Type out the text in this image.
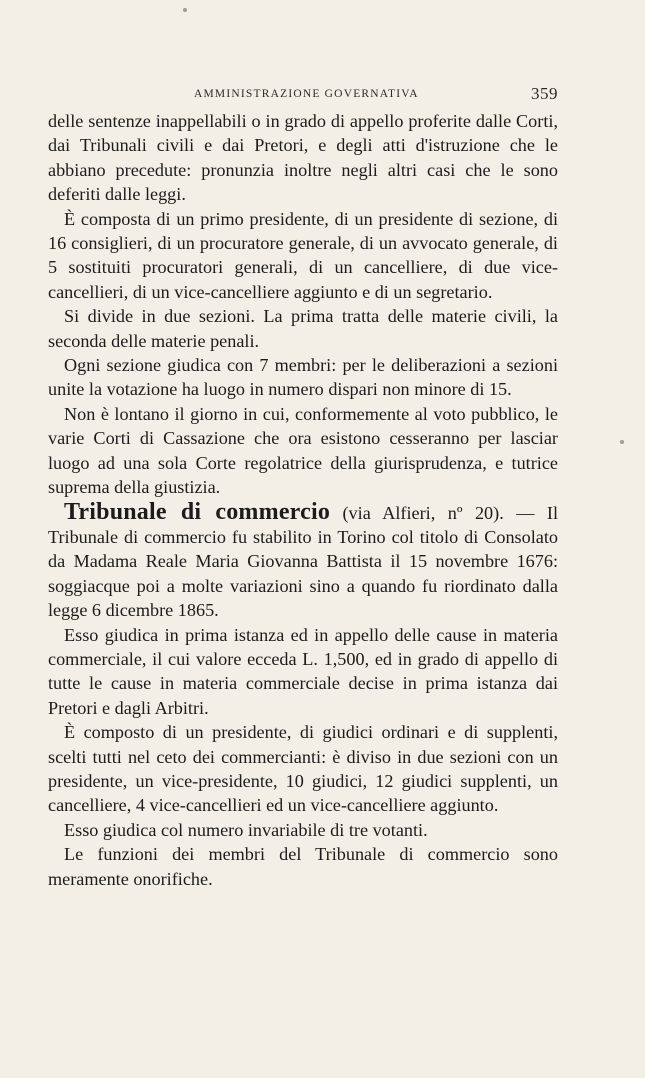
AMMINISTRAZIONE GOVERNATIVA	359

delle sentenze inappellabili o in grado di appello proferite dalle Corti, dai Tribunali civili e dai Pretori, e degli atti d'istruzione che le abbiano precedute: pronunzia inoltre negli altri casi che le sono deferiti dalle leggi.

È composta di un primo presidente, di un presidente di sezione, di 16 consiglieri, di un procuratore generale, di un avvocato generale, di 5 sostituiti procuratori generali, di un cancelliere, di due vice-cancellieri, di un vice-cancelliere aggiunto e di un segretario.

Si divide in due sezioni. La prima tratta delle materie civili, la seconda delle materie penali.

Ogni sezione giudica con 7 membri: per le deliberazioni a sezioni unite la votazione ha luogo in numero dispari non minore di 15.

Non è lontano il giorno in cui, conformemente al voto pubblico, le varie Corti di Cassazione che ora esistono cesseranno per lasciar luogo ad una sola Corte regolatrice della giurisprudenza, e tutrice suprema della giustizia.

Tribunale di commercio (via Alfieri, nº 20). — Il Tribunale di commercio fu stabilito in Torino col titolo di Consolato da Madama Reale Maria Giovanna Battista il 15 novembre 1676: soggiacque poi a molte variazioni sino a quando fu riordinato dalla legge 6 dicembre 1865.

Esso giudica in prima istanza ed in appello delle cause in materia commerciale, il cui valore ecceda L. 1,500, ed in grado di appello di tutte le cause in materia commerciale decise in prima istanza dai Pretori e dagli Arbitri.

È composto di un presidente, di giudici ordinari e di supplenti, scelti tutti nel ceto dei commercianti: è diviso in due sezioni con un presidente, un vice-presidente, 10 giudici, 12 giudici supplenti, un cancelliere, 4 vice-cancellieri ed un vice-cancelliere aggiunto.

Esso giudica col numero invariabile di tre votanti.

Le funzioni dei membri del Tribunale di commercio sono meramente onorifiche.
